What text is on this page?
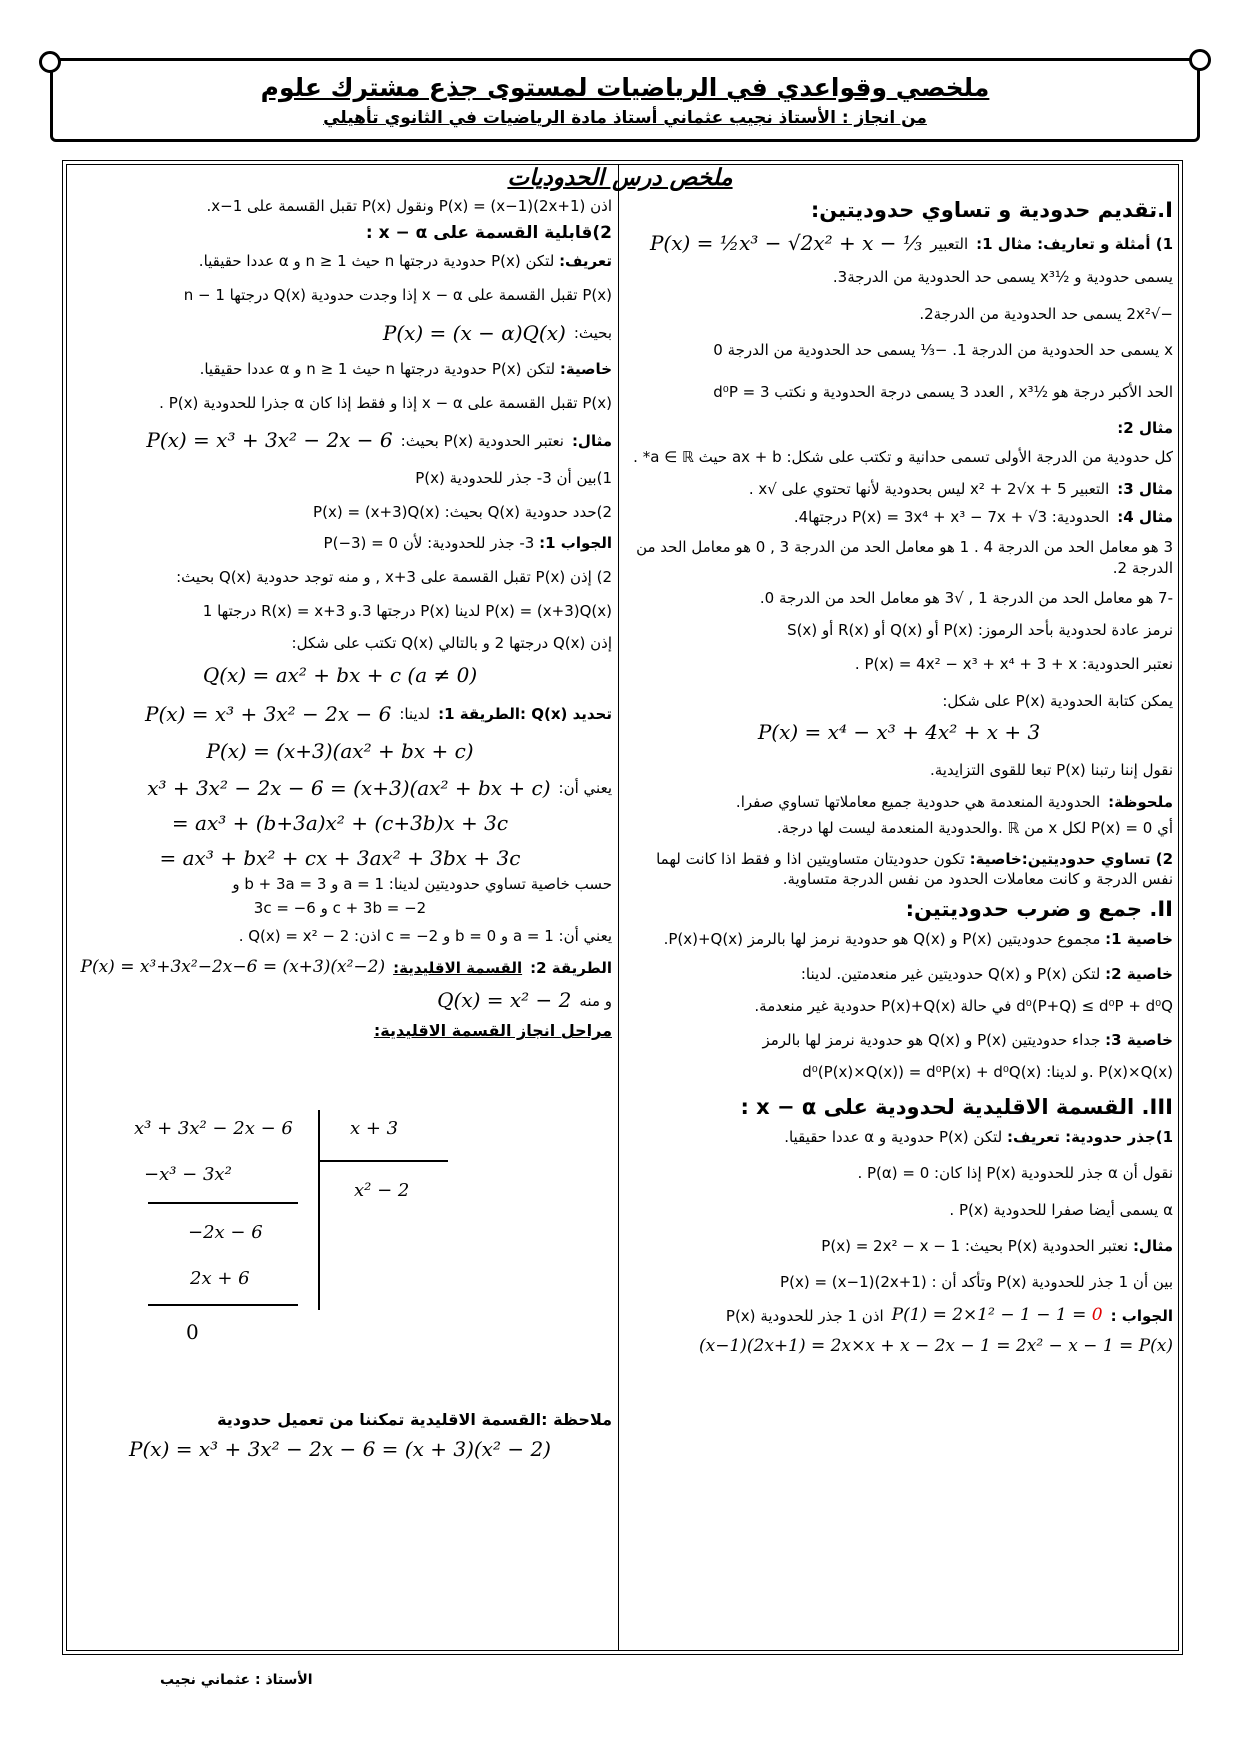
ملخصي وقواعدي في الرياضيات لمستوى جذع مشترك علوم
من انجاز : الأستاذ نجيب عثماني أستاذ مادة الرياضيات في الثانوي تأهيلي
ملخص درس الحدوديات
I.تقديم حدودية و تساوي حدوديتين:
1) أمثلة و تعاريف: مثال 1:
التعبير
P(x) = ½x³ − √2x² + x − ⅓

يسمى حدودية و ½x³ يسمى حد الحدودية من الدرجة3.

−√2x² يسمى حد الحدودية من الدرجة2.

x يسمى حد الحدودية من الدرجة 1. −⅓ يسمى حد الحدودية من الدرجة 0

الحد الأكبر درجة هو ½x³ , العدد 3 يسمى درجة الحدودية و نكتب d⁰P = 3

مثال 2:
كل حدودية من الدرجة الأولى تسمى حدانية و تكتب على شكل: ax + b حيث a ∈ ℝ* .
مثال 3:
التعبير x² + 2√x + 5 ليس بحدودية لأنها تحتوي على √x .
مثال 4:
الحدودية: P(x) = 3x⁴ + x³ − 7x + √3 درجتها4.

3 هو معامل الحد من الدرجة 4 . 1 هو معامل الحد من الدرجة 3 , 0 هو معامل الحد من الدرجة 2.

-7 هو معامل الحد من الدرجة 1 , √3 هو معامل الحد من الدرجة 0.

نرمز عادة لحدودية بأحد الرموز: P(x) أو Q(x) أو R(x) أو S(x)

نعتبر الحدودية: P(x) = 4x² − x³ + x⁴ + 3 + x .

يمكن كتابة الحدودية P(x) على شكل:

P(x) = x⁴ − x³ + 4x² + x + 3

نقول إننا رتبنا P(x) تبعا للقوى التزايدية.

ملحوظة:
الحدودية المنعدمة هي حدودية جميع معاملاتها تساوي صفرا.

أي P(x) = 0 لكل x من ℝ .والحدودية المنعدمة ليست لها درجة.

2) تساوي حدوديتين:خاصية: تكون حدوديتان متساويتين اذا و فقط اذا كانت لهما نفس الدرجة و كانت معاملات الحدود من نفس الدرجة متساوية.

II. جمع و ضرب حدوديتين:

خاصية 1: مجموع حدوديتين P(x) و Q(x) هو حدودية نرمز لها بالرمز P(x)+Q(x).

خاصية 2: لتكن P(x) و Q(x) حدوديتين غير منعدمتين. لدينا:

d⁰(P+Q) ≤ d⁰P + d⁰Q في حالة P(x)+Q(x) حدودية غير منعدمة.

خاصية 3: جداء حدوديتين P(x) و Q(x) هو حدودية نرمز لها بالرمز

P(x)×Q(x) .و لدينا: d⁰(P(x)×Q(x)) = d⁰P(x) + d⁰Q(x)

III. القسمة الاقليدية لحدودية على x − α :

1)جذر حدودية: تعريف: لتكن P(x) حدودية و α عددا حقيقيا.

نقول أن α جذر للحدودية P(x) إذا كان: P(α) = 0 .

α يسمى أيضا صفرا للحدودية P(x) .

مثال: نعتبر الحدودية P(x) بحيث: P(x) = 2x² − x − 1

بين أن 1 جذر للحدودية P(x) وتأكد أن : P(x) = (x−1)(2x+1)

الجواب :
P(1) = 2×1² − 1 − 1 = 0
اذن 1 جذر للحدودية P(x)
(x−1)(2x+1) = 2x×x + x − 2x − 1 = 2x² − x − 1 = P(x)

اذن P(x) = (x−1)(2x+1) ونقول P(x) تقبل القسمة على x−1.

2)قابلية القسمة على x − α :

تعريف: لتكن P(x) حدودية درجتها n حيث n ≥ 1 و α عددا حقيقيا.

P(x) تقبل القسمة على x − α إذا وجدت حدودية Q(x) درجتها n − 1

بحيث:
P(x) = (x − α)Q(x)

خاصية: لتكن P(x) حدودية درجتها n حيث n ≥ 1 و α عددا حقيقيا.

P(x) تقبل القسمة على x − α إذا و فقط إذا كان α جذرا للحدودية P(x) .

مثال:
نعتبر الحدودية P(x) بحيث:
P(x) = x³ + 3x² − 2x − 6

1)بين أن 3- جذر للحدودية P(x)

2)حدد حدودية Q(x) بحيث: P(x) = (x+3)Q(x)

الجواب 1: 3- جذر للحدودية: لأن P(−3) = 0

2) إذن P(x) تقبل القسمة على x+3 , و منه توجد حدودية Q(x) بحيث:

P(x) = (x+3)Q(x) لدينا P(x) درجتها 3.و R(x) = x+3 درجتها 1

إذن Q(x) درجتها 2 و بالتالي Q(x) تكتب على شكل:

Q(x) = ax² + bx + c (a ≠ 0)
تحديد Q(x) :الطريقة 1:
لدينا:
P(x) = x³ + 3x² − 2x − 6
P(x) = (x+3)(ax² + bx + c)
يعني أن:
x³ + 3x² − 2x − 6 = (x+3)(ax² + bx + c)
= ax³ + (b+3a)x² + (c+3b)x + 3c
= ax³ + bx² + cx + 3ax² + 3bx + 3c

حسب خاصية تساوي حدوديتين لدينا: a = 1 و b + 3a = 3 و

c + 3b = −2 و 3c = −6

يعني أن: a = 1 و b = 0 و c = −2 اذن: Q(x) = x² − 2 .

الطريقة 2:
القسمة الاقليدية:
P(x) = x³+3x²−2x−6 = (x+3)(x²−2)
و منه
Q(x) = x² − 2
مراحل انجاز القسمة الاقليدية:
x³ + 3x² − 2x − 6	x + 3
−x³ − 3x²
x² − 2
−2x − 6
2x + 6
0
ملاحظة :القسمة الاقليدية تمكننا من تعميل حدودية
P(x) = x³ + 3x² − 2x − 6 = (x + 3)(x² − 2)
الأستاذ : عثماني نجيب
